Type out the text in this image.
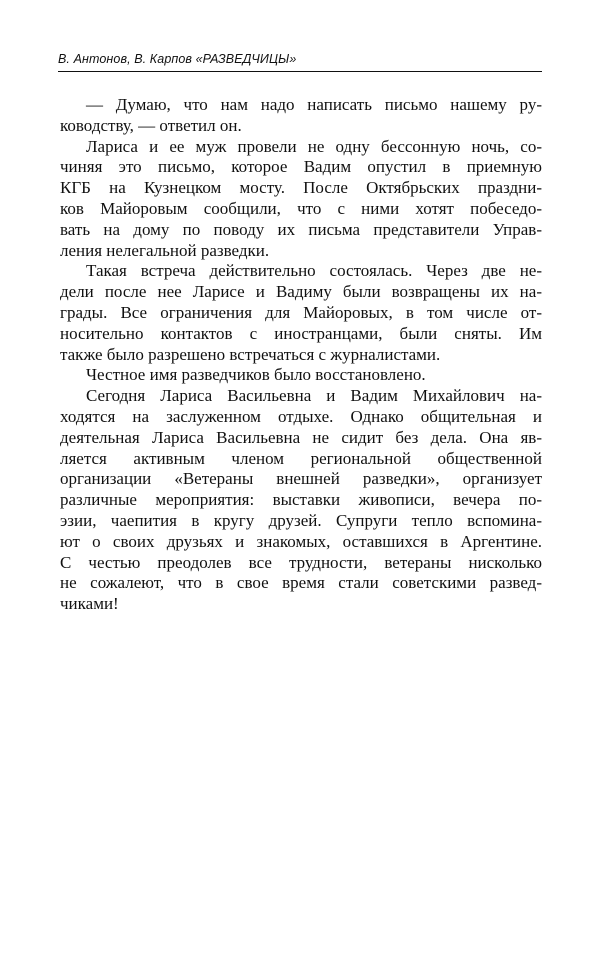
В. Антонов, В. Карпов «РАЗВЕДЧИЦЫ»
— Думаю, что нам надо написать письмо нашему ру-
ководству, — ответил он.
Лариса и ее муж провели не одну бессонную ночь, со-
чиняя это письмо, которое Вадим опустил в приемную
КГБ на Кузнецком мосту. После Октябрьских праздни-
ков Майоровым сообщили, что с ними хотят побеседо-
вать на дому по поводу их письма представители Управ-
ления нелегальной разведки.
Такая встреча действительно состоялась. Через две не-
дели после нее Ларисе и Вадиму были возвращены их на-
грады. Все ограничения для Майоровых, в том числе от-
носительно контактов с иностранцами, были сняты. Им
также было разрешено встречаться с журналистами.
Честное имя разведчиков было восстановлено.
Сегодня Лариса Васильевна и Вадим Михайлович на-
ходятся на заслуженном отдыхе. Однако общительная и
деятельная Лариса Васильевна не сидит без дела. Она яв-
ляется активным членом региональной общественной
организации «Ветераны внешней разведки», организует
различные мероприятия: выставки живописи, вечера по-
эзии, чаепития в кругу друзей. Супруги тепло вспомина-
ют о своих друзьях и знакомых, оставшихся в Аргентине.
С честью преодолев все трудности, ветераны нисколько
не сожалеют, что в свое время стали советскими развед-
чиками!
